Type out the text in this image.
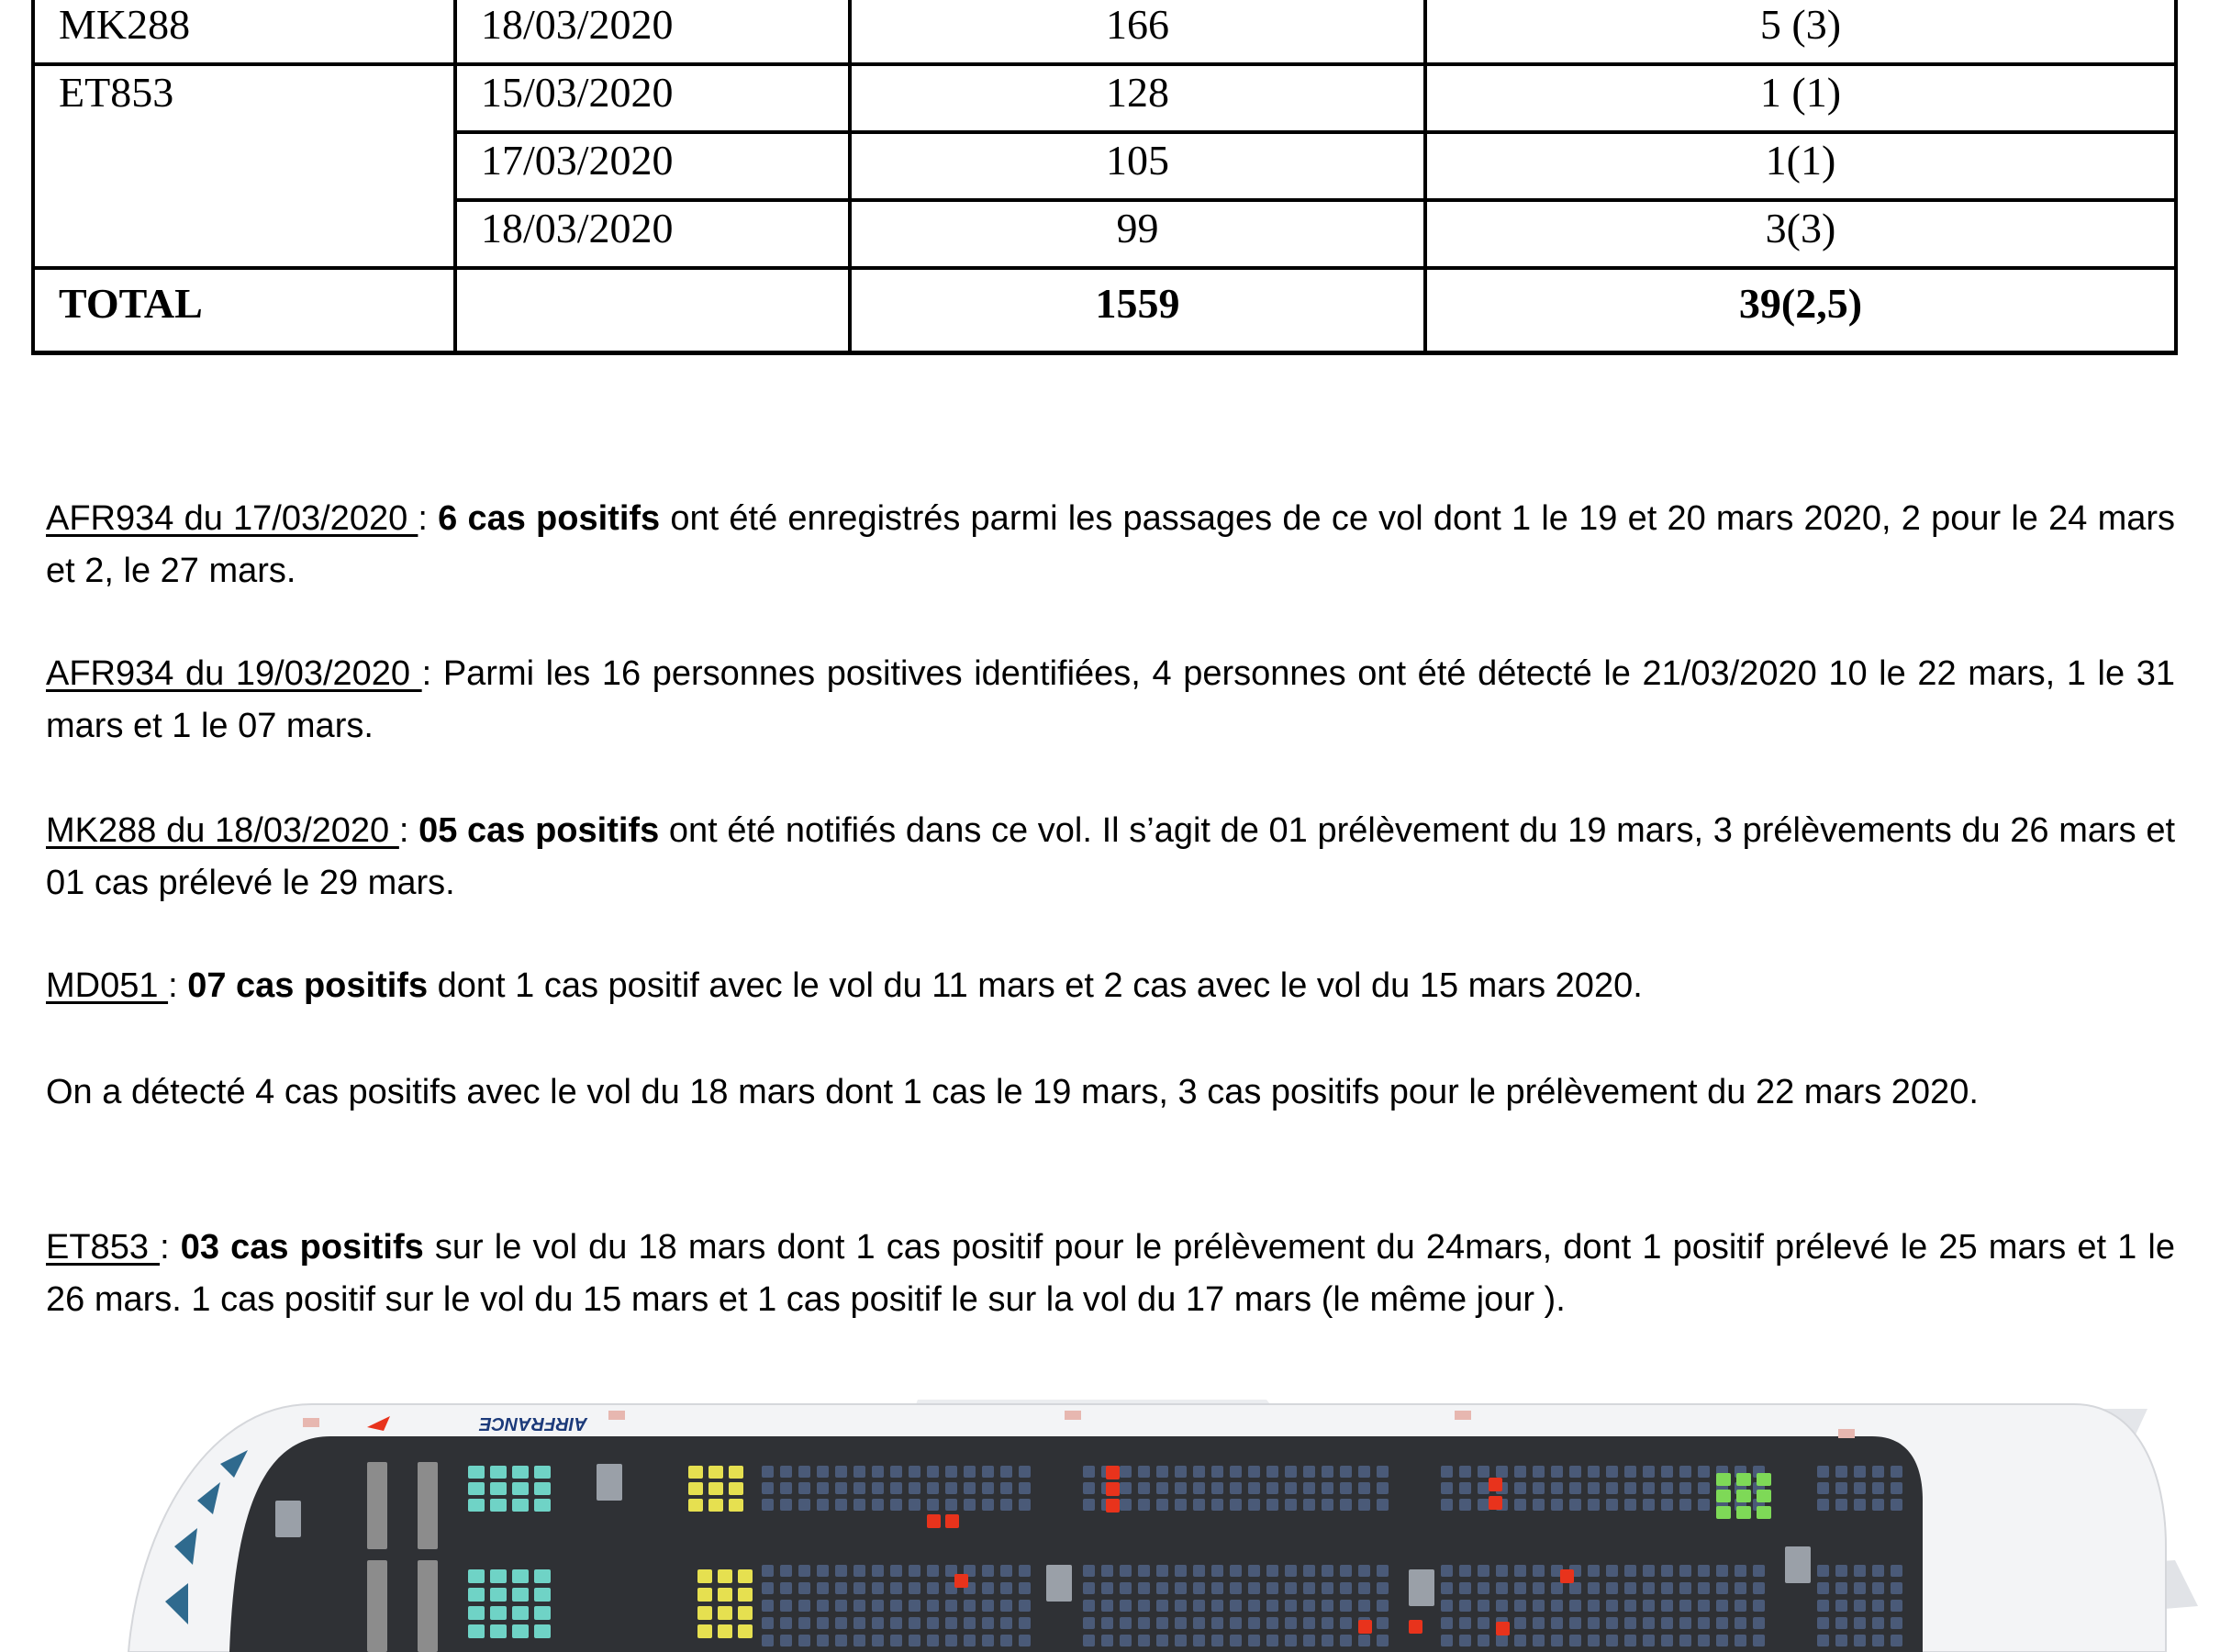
MK288	18/03/2020	166	5 (3)
ET853	15/03/2020	128	1 (1)
	17/03/2020	105	1(1)
	18/03/2020	99	3(3)
TOTAL		1559	39(2,5)

AFR934 du 17/03/2020 : 6 cas positifs ont été enregistrés parmi les passages de ce vol dont 1 le 19 et 20 mars 2020, 2 pour le 24 mars et 2, le 27 mars.

AFR934 du 19/03/2020 : Parmi les 16 personnes positives identifiées, 4 personnes ont été détecté le 21/03/2020 10 le 22 mars, 1 le 31 mars et 1 le 07 mars.

MK288 du 18/03/2020 : 05 cas positifs ont été notifiés dans ce vol. Il s’agit de 01 prélèvement du 19 mars, 3 prélèvements du 26 mars et 01 cas prélevé le 29 mars.

MD051 : 07 cas positifs dont 1 cas positif avec le vol du 11 mars et 2 cas avec le vol du 15 mars 2020.

On a détecté 4 cas positifs avec le vol du 18 mars dont 1 cas le 19 mars, 3 cas positifs pour le prélèvement du 22 mars 2020.

ET853 : 03 cas positifs sur le vol du 18 mars dont 1 cas positif pour le prélèvement du 24mars, dont 1 positif prélevé le 25 mars et 1 le 26 mars. 1 cas positif sur le vol du 15 mars et 1 cas positif le sur la vol du 17 mars (le même jour ).

AIRFRANCE
